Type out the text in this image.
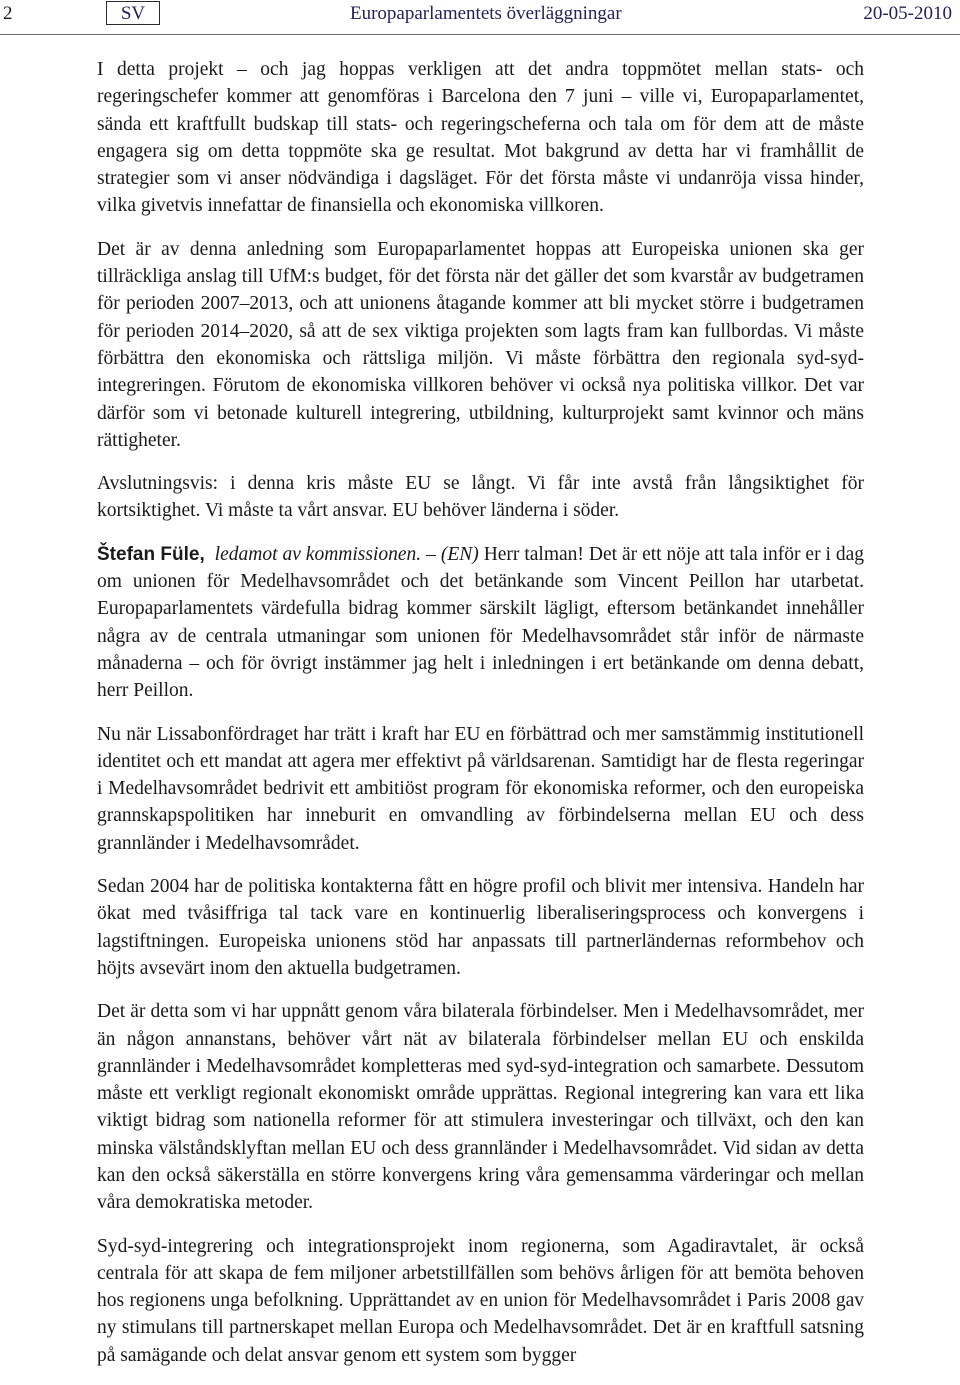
2	SV	Europaparlamentets överläggningar	20-05-2010

I detta projekt – och jag hoppas verkligen att det andra toppmötet mellan stats- och regeringschefer kommer att genomföras i Barcelona den 7 juni – ville vi, Europaparlamentet, sända ett kraftfullt budskap till stats- och regeringscheferna och tala om för dem att de måste engagera sig om detta toppmöte ska ge resultat. Mot bakgrund av detta har vi framhållit de strategier som vi anser nödvändiga i dagsläget. För det första måste vi undanröja vissa hinder, vilka givetvis innefattar de finansiella och ekonomiska villkoren.

Det är av denna anledning som Europaparlamentet hoppas att Europeiska unionen ska ger tillräckliga anslag till UfM:s budget, för det första när det gäller det som kvarstår av budgetramen för perioden 2007–2013, och att unionens åtagande kommer att bli mycket större i budgetramen för perioden 2014–2020, så att de sex viktiga projekten som lagts fram kan fullbordas. Vi måste förbättra den ekonomiska och rättsliga miljön. Vi måste förbättra den regionala syd-syd-integreringen. Förutom de ekonomiska villkoren behöver vi också nya politiska villkor. Det var därför som vi betonade kulturell integrering, utbildning, kulturprojekt samt kvinnor och mäns rättigheter.

Avslutningsvis: i denna kris måste EU se långt. Vi får inte avstå från långsiktighet för kortsiktighet. Vi måste ta vårt ansvar. EU behöver länderna i söder.

Štefan Füle, ledamot av kommissionen. – (EN) Herr talman! Det är ett nöje att tala inför er i dag om unionen för Medelhavsområdet och det betänkande som Vincent Peillon har utarbetat. Europaparlamentets värdefulla bidrag kommer särskilt lägligt, eftersom betänkandet innehåller några av de centrala utmaningar som unionen för Medelhavsområdet står inför de närmaste månaderna – och för övrigt instämmer jag helt i inledningen i ert betänkande om denna debatt, herr Peillon.

Nu när Lissabonfördraget har trätt i kraft har EU en förbättrad och mer samstämmig institutionell identitet och ett mandat att agera mer effektivt på världsarenan. Samtidigt har de flesta regeringar i Medelhavsområdet bedrivit ett ambitiöst program för ekonomiska reformer, och den europeiska grannskapspolitiken har inneburit en omvandling av förbindelserna mellan EU och dess grannländer i Medelhavsområdet.

Sedan 2004 har de politiska kontakterna fått en högre profil och blivit mer intensiva. Handeln har ökat med tvåsiffriga tal tack vare en kontinuerlig liberaliseringsprocess och konvergens i lagstiftningen. Europeiska unionens stöd har anpassats till partnerländernas reformbehov och höjts avsevärt inom den aktuella budgetramen.

Det är detta som vi har uppnått genom våra bilaterala förbindelser. Men i Medelhavsområdet, mer än någon annanstans, behöver vårt nät av bilaterala förbindelser mellan EU och enskilda grannländer i Medelhavsområdet kompletteras med syd-syd-integration och samarbete. Dessutom måste ett verkligt regionalt ekonomiskt område upprättas. Regional integrering kan vara ett lika viktigt bidrag som nationella reformer för att stimulera investeringar och tillväxt, och den kan minska välståndsklyftan mellan EU och dess grannländer i Medelhavsområdet. Vid sidan av detta kan den också säkerställa en större konvergens kring våra gemensamma värderingar och mellan våra demokratiska metoder.

Syd-syd-integrering och integrationsprojekt inom regionerna, som Agadiravtalet, är också centrala för att skapa de fem miljoner arbetstillfällen som behövs årligen för att bemöta behoven hos regionens unga befolkning. Upprättandet av en union för Medelhavsområdet i Paris 2008 gav ny stimulans till partnerskapet mellan Europa och Medelhavsområdet. Det är en kraftfull satsning på samägande och delat ansvar genom ett system som bygger
